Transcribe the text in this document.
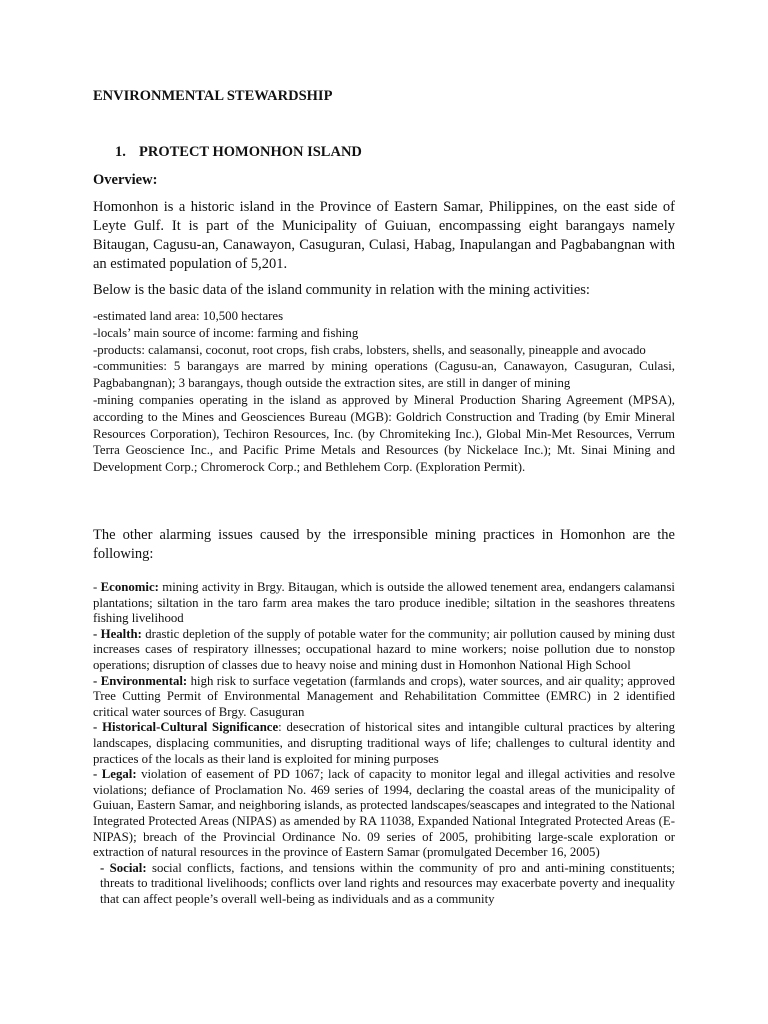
ENVIRONMENTAL STEWARDSHIP
1. PROTECT HOMONHON ISLAND
Overview:
Homonhon is a historic island in the Province of Eastern Samar, Philippines, on the east side of Leyte Gulf. It is part of the Municipality of Guiuan, encompassing eight barangays namely Bitaugan, Cagusu-an, Canawayon, Casuguran, Culasi, Habag, Inapulangan and Pagbabangnan with an estimated population of 5,201.
Below is the basic data of the island community in relation with the mining activities:
-estimated land area: 10,500 hectares
-locals’ main source of income: farming and fishing
-products: calamansi, coconut, root crops, fish crabs, lobsters, shells, and seasonally, pineapple and avocado
-communities: 5 barangays are marred by mining operations (Cagusu-an, Canawayon, Casuguran, Culasi, Pagbabangnan); 3 barangays, though outside the extraction sites, are still in danger of mining
-mining companies operating in the island as approved by Mineral Production Sharing Agreement (MPSA), according to the Mines and Geosciences Bureau (MGB): Goldrich Construction and Trading (by Emir Mineral Resources Corporation), Techiron Resources, Inc. (by Chromiteking Inc.), Global Min-Met Resources, Verrum Terra Geoscience Inc., and Pacific Prime Metals and Resources (by Nickelace Inc.); Mt. Sinai Mining and Development Corp.; Chromerock Corp.; and Bethlehem Corp. (Exploration Permit).
The other alarming issues caused by the irresponsible mining practices in Homonhon are the following:
- Economic: mining activity in Brgy. Bitaugan, which is outside the allowed tenement area, endangers calamansi plantations; siltation in the taro farm area makes the taro produce inedible; siltation in the seashores threatens fishing livelihood
- Health: drastic depletion of the supply of potable water for the community; air pollution caused by mining dust increases cases of respiratory illnesses; occupational hazard to mine workers; noise pollution due to nonstop operations; disruption of classes due to heavy noise and mining dust in Homonhon National High School
- Environmental: high risk to surface vegetation (farmlands and crops), water sources, and air quality; approved Tree Cutting Permit of Environmental Management and Rehabilitation Committee (EMRC) in 2 identified critical water sources of Brgy. Casuguran
- Historical-Cultural Significance: desecration of historical sites and intangible cultural practices by altering landscapes, displacing communities, and disrupting traditional ways of life; challenges to cultural identity and practices of the locals as their land is exploited for mining purposes
- Legal: violation of easement of PD 1067; lack of capacity to monitor legal and illegal activities and resolve violations; defiance of Proclamation No. 469 series of 1994, declaring the coastal areas of the municipality of Guiuan, Eastern Samar, and neighboring islands, as protected landscapes/seascapes and integrated to the National Integrated Protected Areas (NIPAS) as amended by RA 11038, Expanded National Integrated Protected Areas (E-NIPAS); breach of the Provincial Ordinance No. 09 series of 2005, prohibiting large-scale exploration or extraction of natural resources in the province of Eastern Samar (promulgated December 16, 2005)
- Social: social conflicts, factions, and tensions within the community of pro and anti-mining constituents; threats to traditional livelihoods; conflicts over land rights and resources may exacerbate poverty and inequality that can affect people’s overall well-being as individuals and as a community
